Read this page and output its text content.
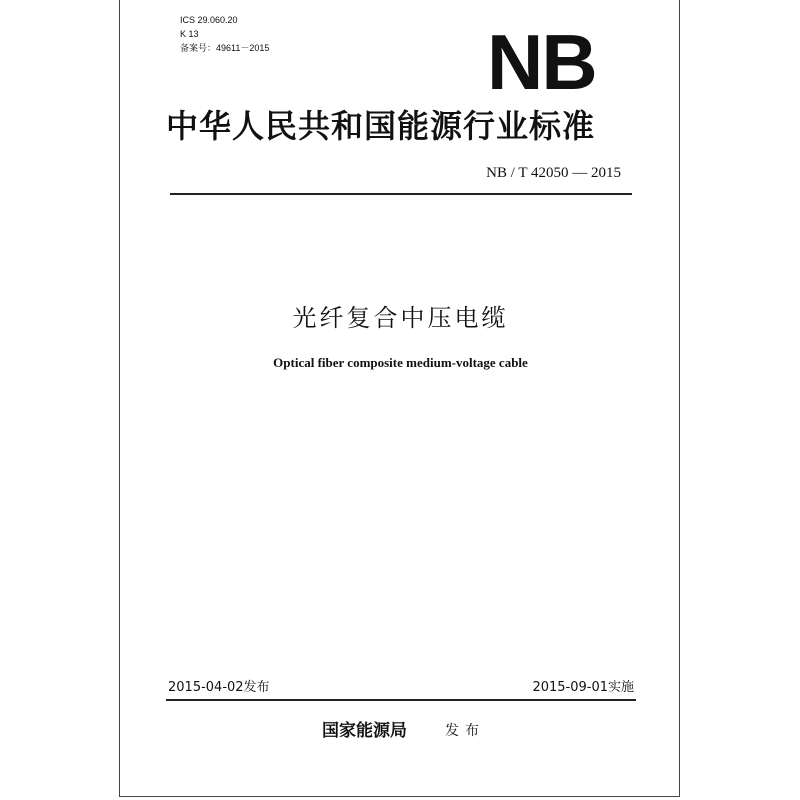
ICS 29.060.20
K 13
备案号：49611－2015	NB
中华人民共和国能源行业标准
NB / T 42050 — 2015
光纤复合中压电缆
Optical fiber composite medium-voltage cable
2015-04-02发布	2015-09-01实施
国家能源局	发布
